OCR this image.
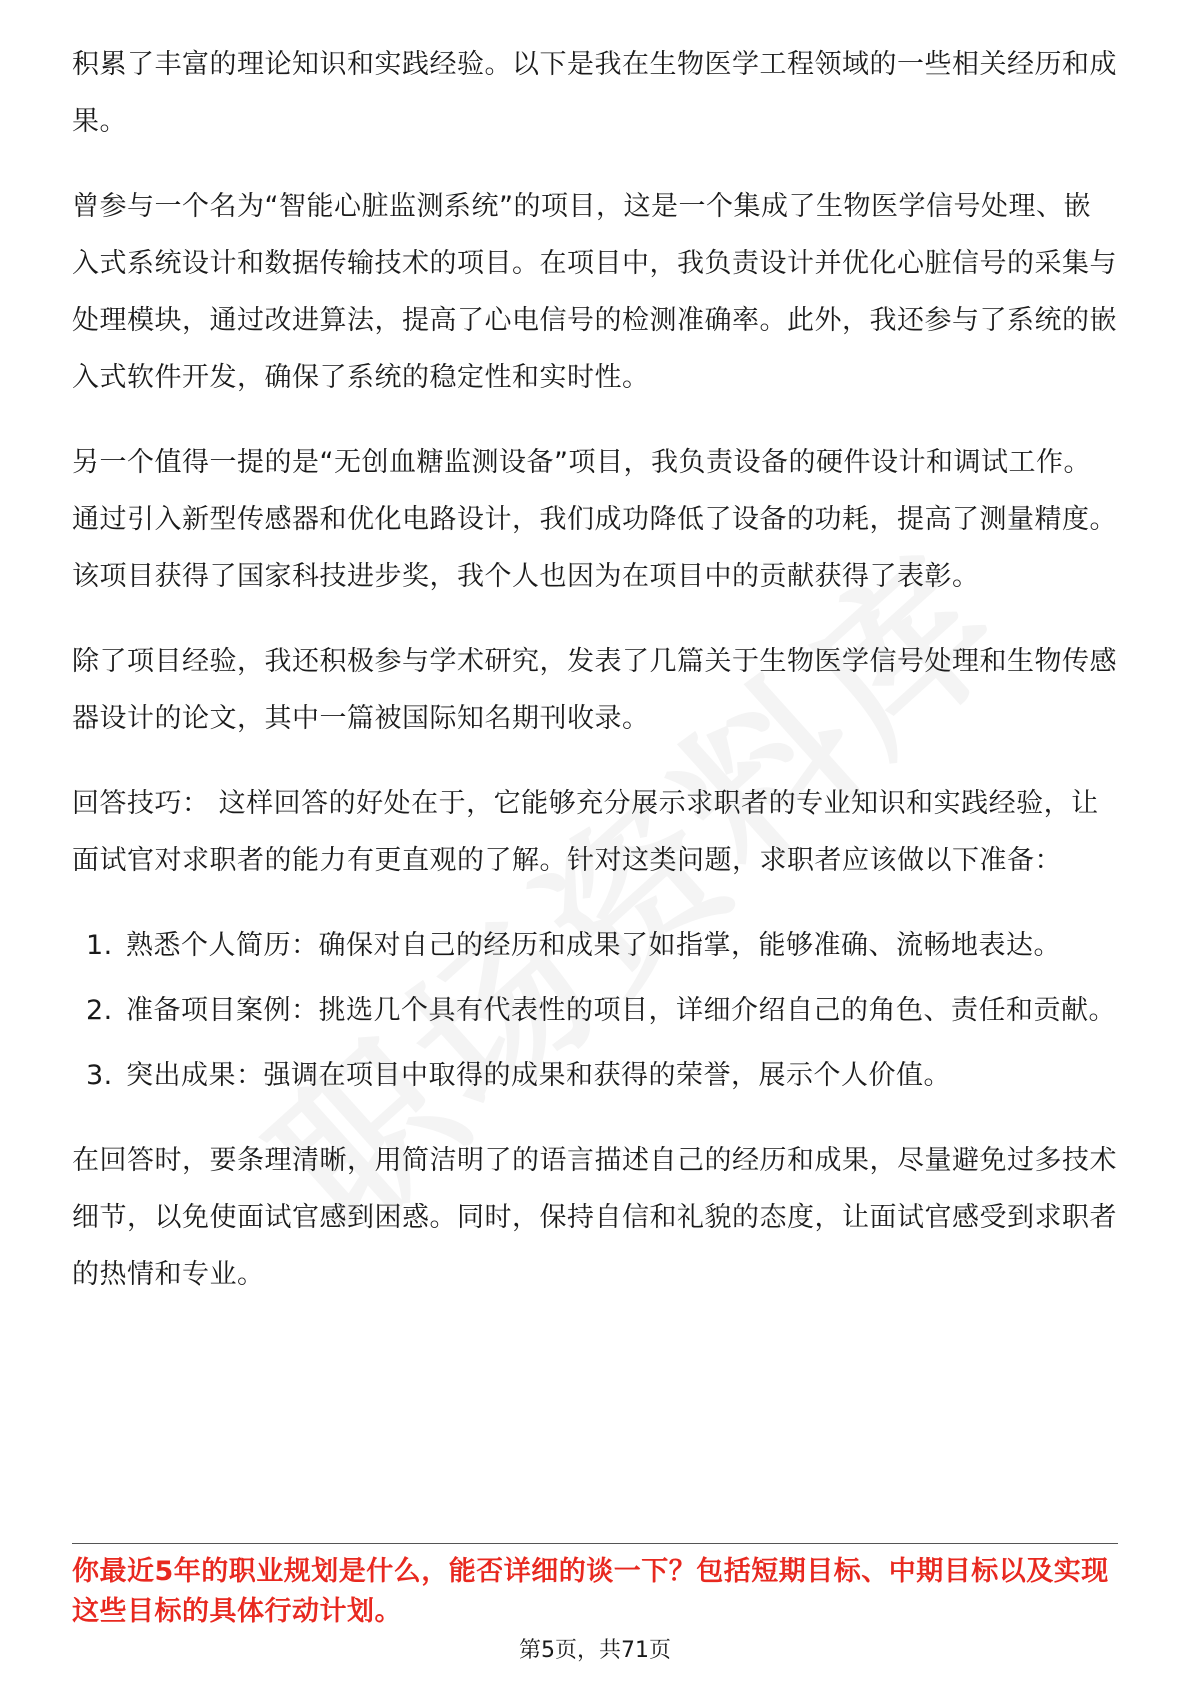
积累了丰富的理论知识和实践经验。以下是我在生物医学工程领域的一些相关经历和成果。

曾参与一个名为“智能心脏监测系统”的项目，这是一个集成了生物医学信号处理、嵌入式系统设计和数据传输技术的项目。在项目中，我负责设计并优化心脏信号的采集与处理模块，通过改进算法，提高了心电信号的检测准确率。此外，我还参与了系统的嵌入式软件开发，确保了系统的稳定性和实时性。

另一个值得一提的是“无创血糖监测设备”项目，我负责设备的硬件设计和调试工作。通过引入新型传感器和优化电路设计，我们成功降低了设备的功耗，提高了测量精度。该项目获得了国家科技进步奖，我个人也因为在项目中的贡献获得了表彰。

除了项目经验，我还积极参与学术研究，发表了几篇关于生物医学信号处理和生物传感器设计的论文，其中一篇被国际知名期刊收录。

回答技巧： 这样回答的好处在于，它能够充分展示求职者的专业知识和实践经验，让面试官对求职者的能力有更直观的了解。针对这类问题，求职者应该做以下准备：

1. 熟悉个人简历：确保对自己的经历和成果了如指掌，能够准确、流畅地表达。
2. 准备项目案例：挑选几个具有代表性的项目，详细介绍自己的角色、责任和贡献。
3. 突出成果：强调在项目中取得的成果和获得的荣誉，展示个人价值。

在回答时，要条理清晰，用简洁明了的语言描述自己的经历和成果，尽量避免过多技术细节，以免使面试官感到困惑。同时，保持自信和礼貌的态度，让面试官感受到求职者的热情和专业。

你最近5年的职业规划是什么，能否详细的谈一下？包括短期目标、中期目标以及实现这些目标的具体行动计划。
第5页，共71页
